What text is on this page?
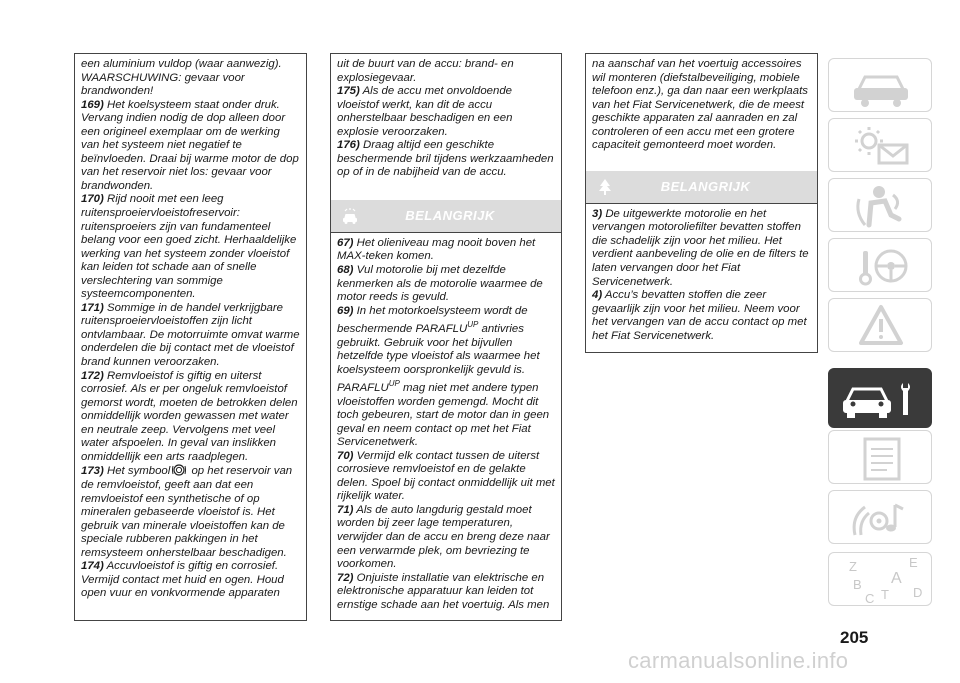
een aluminium vuldop (waar aanwezig). WAARSCHUWING: gevaar voor brandwonden!

169) Het koelsysteem staat onder druk. Vervang indien nodig de dop alleen door een origineel exemplaar om de werking van het systeem niet negatief te beïnvloeden. Draai bij warme motor de dop van het reservoir niet los: gevaar voor brandwonden.

170) Rijd nooit met een leeg ruitensproeiervloeistofreservoir: ruitensproeiers zijn van fundamenteel belang voor een goed zicht. Herhaaldelijke werking van het systeem zonder vloeistof kan leiden tot schade aan of snelle verslechtering van sommige systeemcomponenten.

171) Sommige in de handel verkrijgbare ruitensproeiervloeistoffen zijn licht ontvlambaar. De motorruimte omvat warme onderdelen die bij contact met de vloeistof brand kunnen veroorzaken.

172) Remvloeistof is giftig en uiterst corrosief. Als er per ongeluk remvloeistof gemorst wordt, moeten de betrokken delen onmiddellijk worden gewassen met water en neutrale zeep. Vervolgens met veel water afspoelen. In geval van inslikken onmiddellijk een arts raadplegen.

173) Het symbool op het reservoir van de remvloeistof, geeft aan dat een remvloeistof een synthetische of op mineralen gebaseerde vloeistof is. Het gebruik van minerale vloeistoffen kan de speciale rubberen pakkingen in het remsysteem onherstelbaar beschadigen.

174) Accuvloeistof is giftig en corrosief. Vermijd contact met huid en ogen. Houd open vuur en vonkvormende apparaten

uit de buurt van de accu: brand- en explosiegevaar.

175) Als de accu met onvoldoende vloeistof werkt, kan dit de accu onherstelbaar beschadigen en een explosie veroorzaken.

176) Draag altijd een geschikte beschermende bril tijdens werkzaamheden op of in de nabijheid van de accu.

BELANGRIJK

67) Het olieniveau mag nooit boven het MAX-teken komen.

68) Vul motorolie bij met dezelfde kenmerken als de motorolie waarmee de motor reeds is gevuld.

69) In het motorkoelsysteem wordt de beschermende $PARAFLU^{UP}$ antivries gebruikt. Gebruik voor het bijvullen hetzelfde type vloeistof als waarmee het koelsysteem oorspronkelijk gevuld is. $PARAFLU^{UP}$ mag niet met andere typen vloeistoffen worden gemengd. Mocht dit toch gebeuren, start de motor dan in geen geval en neem contact op met het Fiat Servicenetwerk.

70) Vermijd elk contact tussen de uiterst corrosieve remvloeistof en de gelakte delen. Spoel bij contact onmiddellijk uit met rijkelijk water.

71) Als de auto langdurig gestald moet worden bij zeer lage temperaturen, verwijder dan de accu en breng deze naar een verwarmde plek, om bevriezing te voorkomen.

72) Onjuiste installatie van elektrische en elektronische apparatuur kan leiden tot ernstige schade aan het voertuig. Als men

na aanschaf van het voertuig accessoires wil monteren (diefstalbeveiliging, mobiele telefoon enz.), ga dan naar een werkplaats van het Fiat Servicenetwerk, die de meest geschikte apparaten zal aanraden en zal controleren of een accu met een grotere capaciteit gemonteerd moet worden.

BELANGRIJK

3) De uitgewerkte motorolie en het vervangen motoroliefilter bevatten stoffen die schadelijk zijn voor het milieu. Het verdient aanbeveling de olie en de filters te laten vervangen door het Fiat Servicenetwerk.

4) Accu’s bevatten stoffen die zeer gevaarlijk zijn voor het milieu. Neem voor het vervangen van de accu contact op met het Fiat Servicenetwerk.

Z	E
A
B
C T D
205
carmanualsonline.info
